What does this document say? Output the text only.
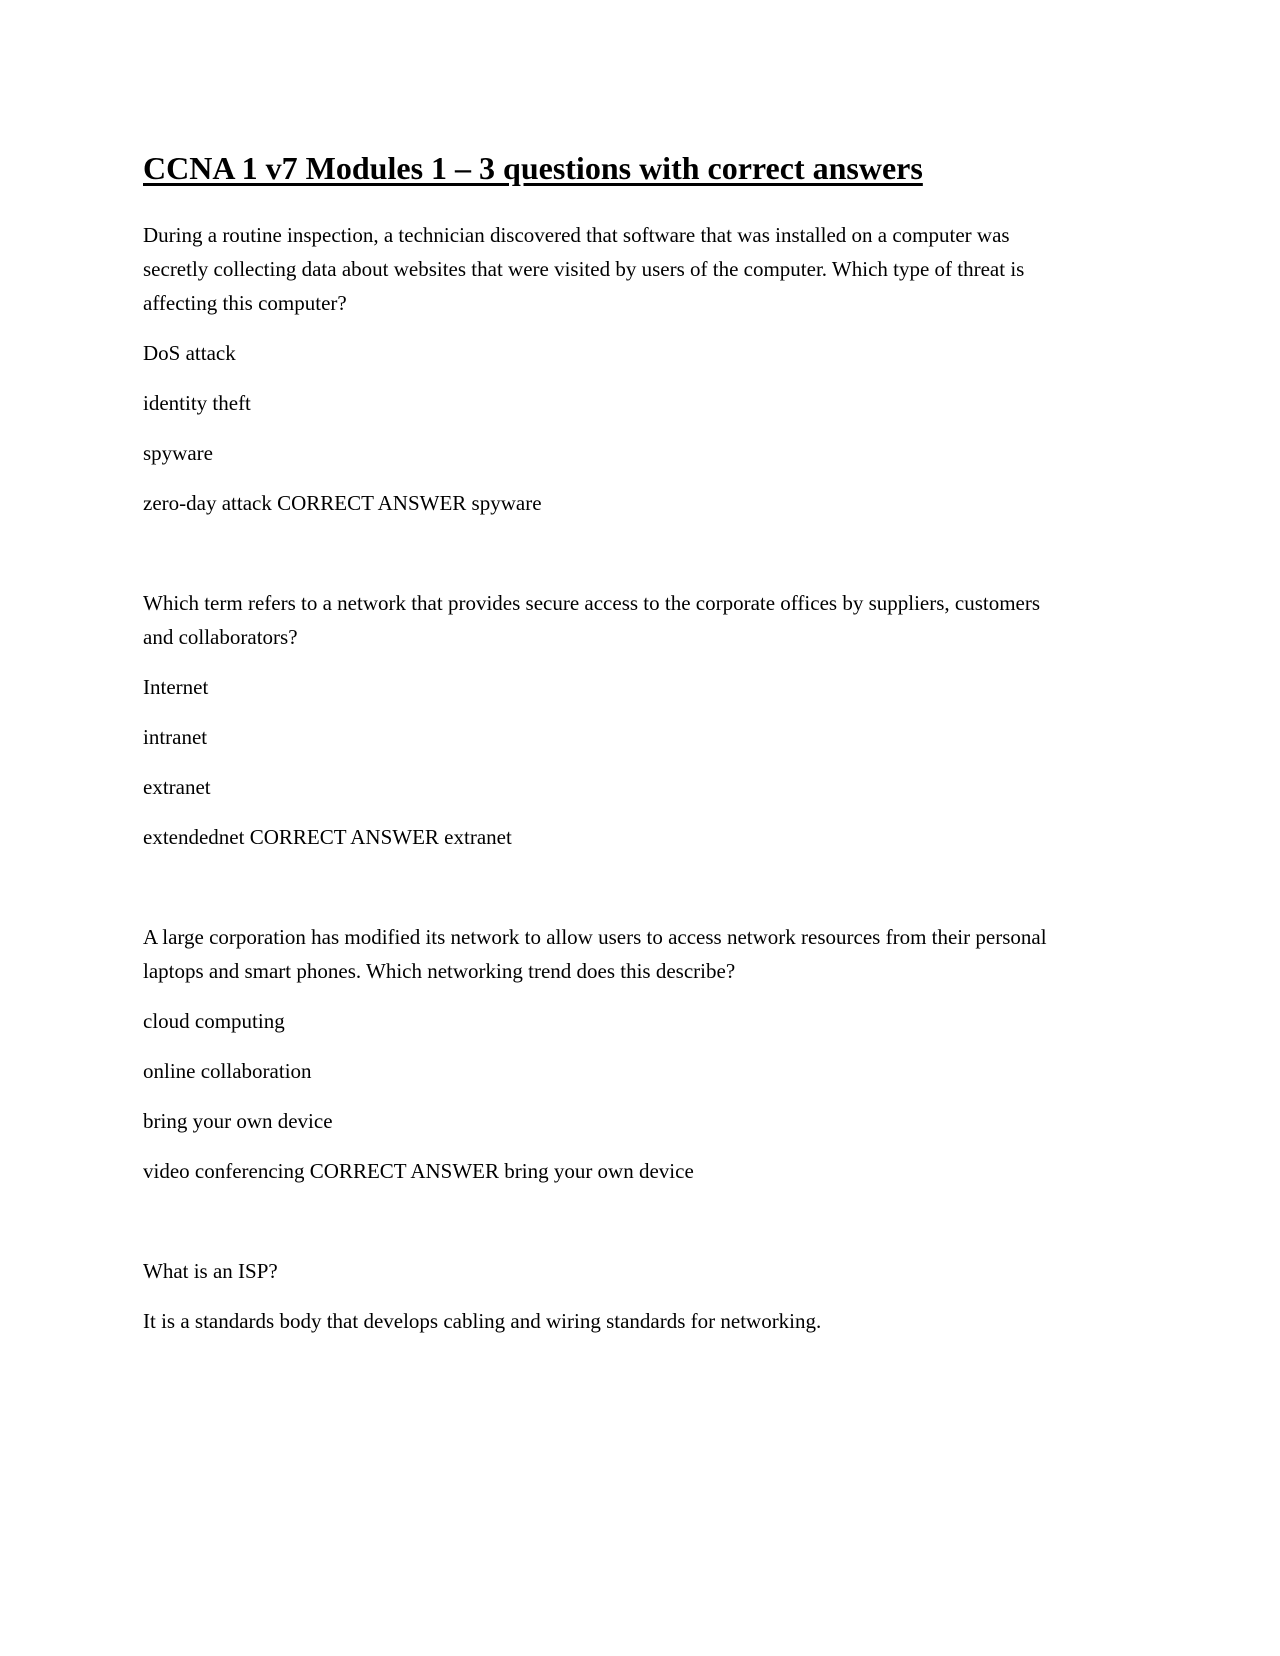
CCNA 1 v7 Modules 1 – 3 questions with correct answers
During a routine inspection, a technician discovered that software that was installed on a computer was secretly collecting data about websites that were visited by users of the computer. Which type of threat is affecting this computer?
DoS attack
identity theft
spyware
zero-day attack CORRECT ANSWER spyware
Which term refers to a network that provides secure access to the corporate offices by suppliers, customers and collaborators?
Internet
intranet
extranet
extendednet CORRECT ANSWER extranet
A large corporation has modified its network to allow users to access network resources from their personal laptops and smart phones. Which networking trend does this describe?
cloud computing
online collaboration
bring your own device
video conferencing CORRECT ANSWER bring your own device
What is an ISP?
It is a standards body that develops cabling and wiring standards for networking.
